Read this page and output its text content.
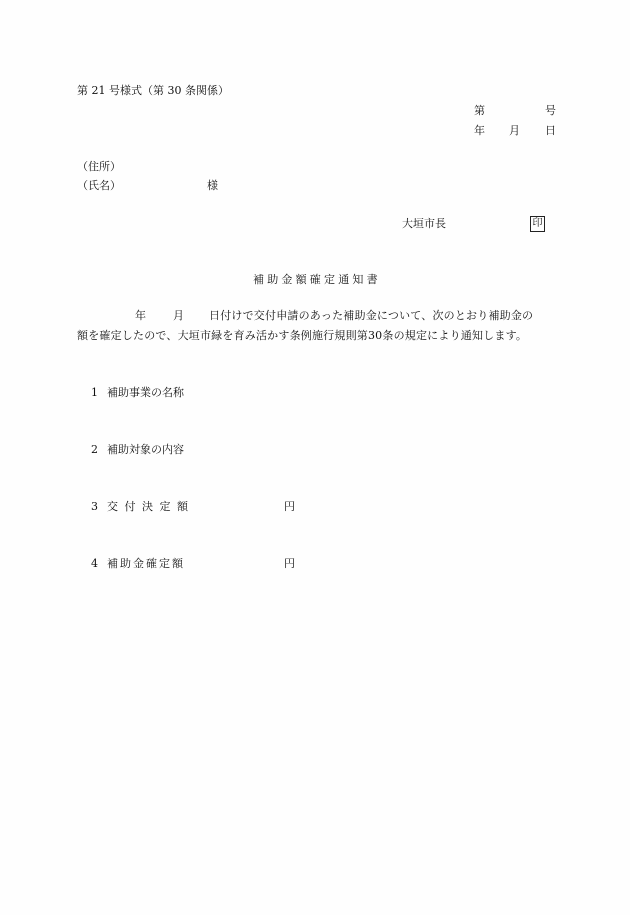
第 21 号様式（第 30 条関係）
第	号
年 月 日
（住所）
（氏名）	様
大垣市長	印
補助金額確定通知書
年 月 日付けで交付申請のあった補助金について、次のとおり補助金の
額を確定したので、大垣市緑を育み活かす条例施行規則第30条の規定により通知します。
1 補助事業の名称
2 補助対象の内容
3 交付決定額	円
4 補助金確定額	円
